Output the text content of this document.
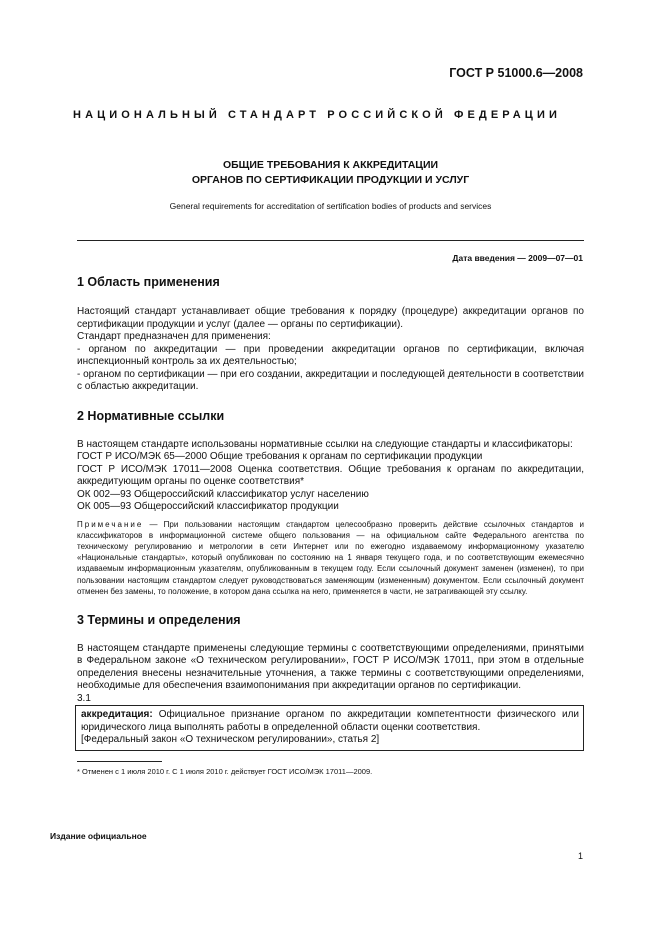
ГОСТ Р 51000.6—2008
НАЦИОНАЛЬНЫЙ СТАНДАРТ РОССИЙСКОЙ ФЕДЕРАЦИИ
ОБЩИЕ ТРЕБОВАНИЯ К АККРЕДИТАЦИИ
ОРГАНОВ ПО СЕРТИФИКАЦИИ ПРОДУКЦИИ И УСЛУГ
General requirements for accreditation of sertification bodies of products and services
Дата введения — 2009—07—01
1 Область применения

Настоящий стандарт устанавливает общие требования к порядку (процедуре) аккредитации органов по сертификации продукции и услуг (далее — органы по сертификации).

Стандарт предназначен для применения:

- органом по аккредитации — при проведении аккредитации органов по сертификации, включая инспекционный контроль за их деятельностью;

- органом по сертификации — при его создании, аккредитации и последующей деятельности в соответствии с областью аккредитации.

2 Нормативные ссылки

В настоящем стандарте использованы нормативные ссылки на следующие стандарты и классификаторы:

ГОСТ Р ИСО/МЭК 65—2000 Общие требования к органам по сертификации продукции

ГОСТ Р ИСО/МЭК 17011—2008 Оценка соответствия. Общие требования к органам по аккредитации, аккредитующим органы по оценке соответствия*

ОК 002—93 Общероссийский классификатор услуг населению

ОК 005—93 Общероссийский классификатор продукции

Примечание — При пользовании настоящим стандартом целесообразно проверить действие ссылочных стандартов и классификаторов в информационной системе общего пользования — на официальном сайте Федерального агентства по техническому регулированию и метрологии в сети Интернет или по ежегодно издаваемому информационному указателю «Национальные стандарты», который опубликован по состоянию на 1 января текущего года, и по соответствующим ежемесячно издаваемым информационным указателям, опубликованным в текущем году. Если ссылочный документ заменен (изменен), то при пользовании настоящим стандартом следует руководствоваться заменяющим (измененным) документом. Если ссылочный документ отменен без замены, то положение, в котором дана ссылка на него, применяется в части, не затрагивающей эту ссылку.

3 Термины и определения

В настоящем стандарте применены следующие термины с соответствующими определениями, принятыми в Федеральном законе «О техническом регулировании», ГОСТ Р ИСО/МЭК 17011, при этом в отдельные определения внесены незначительные уточнения, а также термины с соответствующими определениями, необходимые для обеспечения взаимопонимания при аккредитации органов по сертификации.

3.1

аккредитация: Официальное признание органом по аккредитации компетентности физического или юридического лица выполнять работы в определенной области оценки соответствия.

[Федеральный закон «О техническом регулировании», статья 2]

* Отменен с 1 июля 2010 г. С 1 июля 2010 г. действует ГОСТ ИСО/МЭК 17011—2009.
Издание официальное
1
